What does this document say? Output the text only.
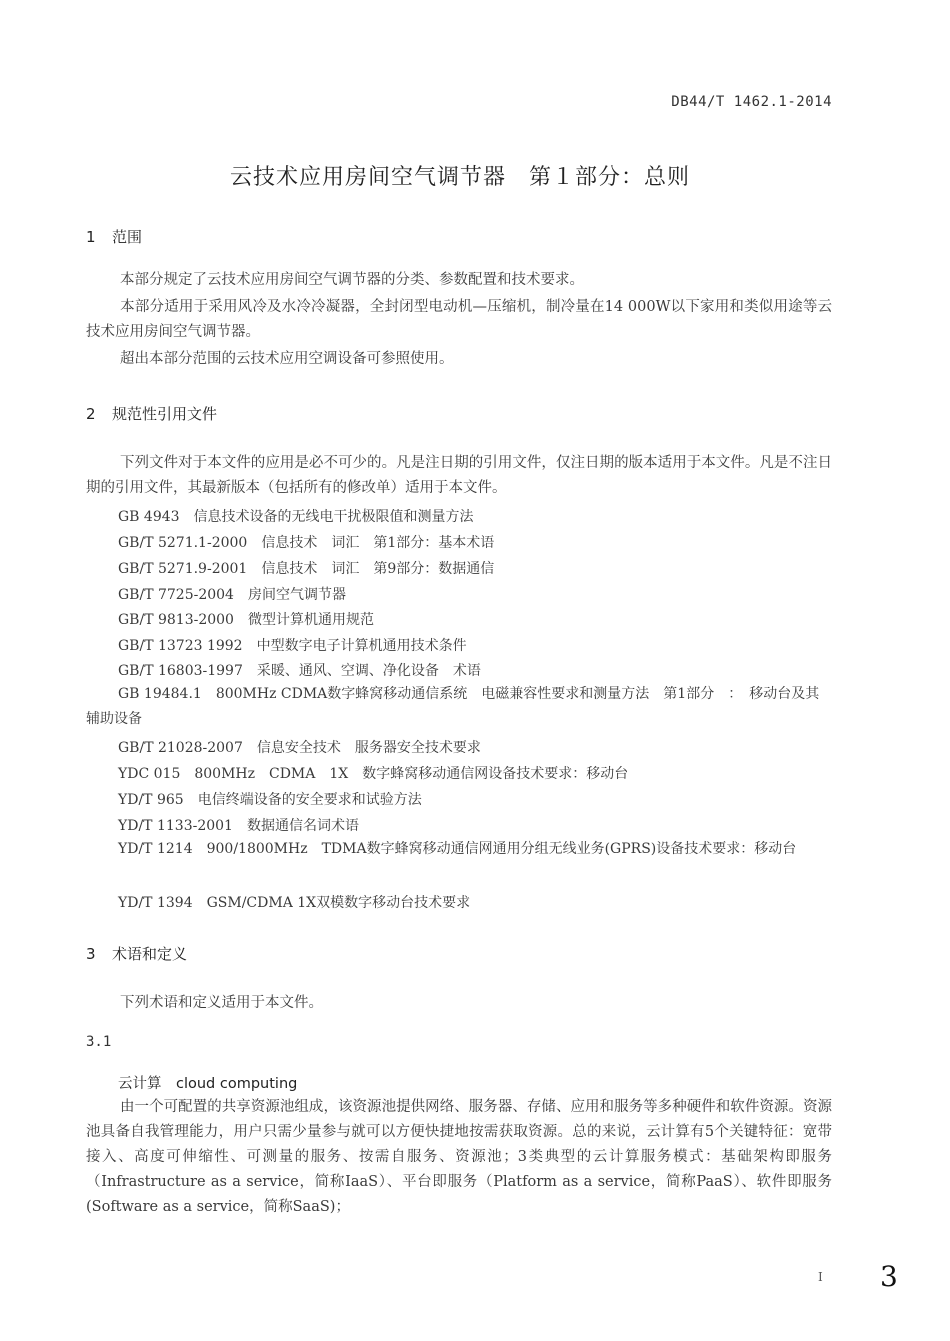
DB44/T 1462.1-2014
云技术应用房间空气调节器　第１部分：总则
1 范围
本部分规定了云技术应用房间空气调节器的分类、参数配置和技术要求。
本部分适用于采用风冷及水冷冷凝器，全封闭型电动机—压缩机，制冷量在14 000W以下家用和类似用途等云技术应用房间空气调节器。
超出本部分范围的云技术应用空调设备可参照使用。
2 规范性引用文件
下列文件对于本文件的应用是必不可少的。凡是注日期的引用文件，仅注日期的版本适用于本文件。凡是不注日期的引用文件，其最新版本（包括所有的修改单）适用于本文件。
GB 4943　信息技术设备的无线电干扰极限值和测量方法
GB/T 5271.1-2000　信息技术　词汇　第1部分：基本术语
GB/T 5271.9-2001　信息技术　词汇　第9部分：数据通信
GB/T 7725-2004　房间空气调节器
GB/T 9813-2000　微型计算机通用规范
GB/T 13723 1992　中型数字电子计算机通用技术条件
GB/T 16803-1997　采暖、通风、空调、净化设备　术语
GB 19484.1　800MHz CDMA数字蜂窝移动通信系统　电磁兼容性要求和测量方法　第1部分　：　移动台及其辅助设备
GB/T 21028-2007　信息安全技术　服务器安全技术要求
YDC 015　800MHz　CDMA　1X　数字蜂窝移动通信网设备技术要求：移动台
YD/T 965　电信终端设备的安全要求和试验方法
YD/T 1133-2001　数据通信名词术语
YD/T 1214　900/1800MHz　TDMA数字蜂窝移动通信网通用分组无线业务(GPRS)设备技术要求：移动台
YD/T 1394　GSM/CDMA 1X双模数字移动台技术要求
3 术语和定义
下列术语和定义适用于本文件。
3.1
云计算　cloud computing
由一个可配置的共享资源池组成，该资源池提供网络、服务器、存储、应用和服务等多种硬件和软件资源。资源池具备自我管理能力，用户只需少量参与就可以方便快捷地按需获取资源。总的来说，云计算有5个关键特征：宽带接入、高度可伸缩性、可测量的服务、按需自服务、资源池；3类典型的云计算服务模式：基础架构即服务（Infrastructure as a service，简称IaaS）、平台即服务（Platform as a service，简称PaaS）、软件即服务(Software as a service，简称SaaS)；
I 3
